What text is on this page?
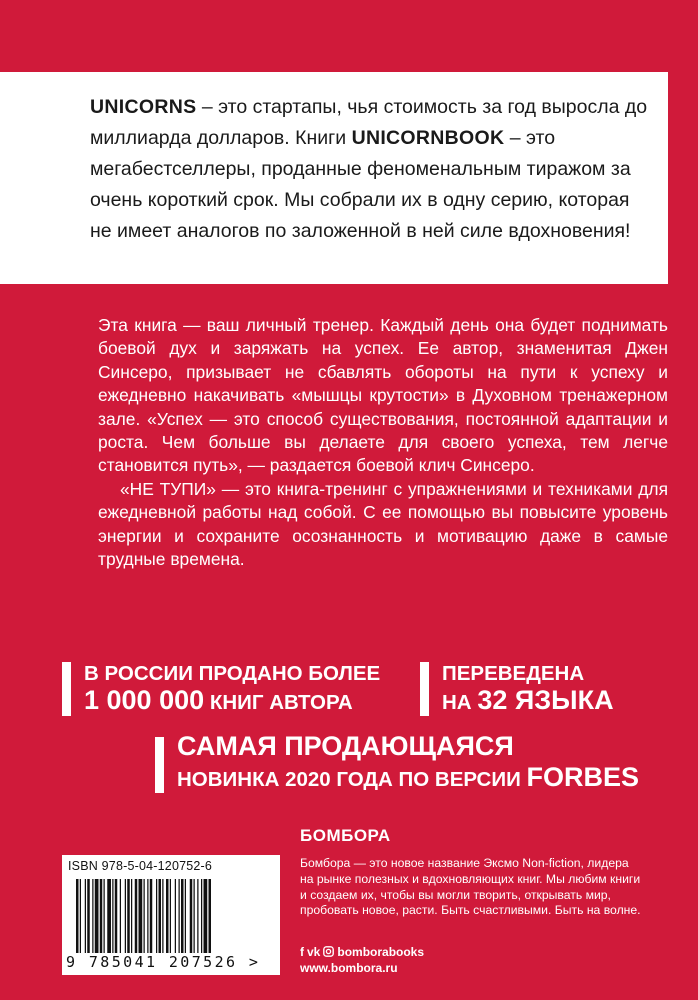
UNICORNS – это стартапы, чья стоимость за год выросла до миллиарда долларов. Книги UNICORNBOOK – это мегабестселлеры, проданные феноменальным тиражом за очень короткий срок. Мы собрали их в одну серию, которая не имеет аналогов по заложенной в ней силе вдохновения!

Эта книга — ваш личный тренер. Каждый день она будет поднимать боевой дух и заряжать на успех. Ее автор, знаменитая Джен Синсеро, призывает не сбавлять обороты на пути к успеху и ежедневно накачивать «мышцы крутости» в Духовном тренажерном зале. «Успех — это способ существования, постоянной адаптации и роста. Чем больше вы делаете для своего успеха, тем легче становится путь», — раздается боевой клич Синсеро.

«НЕ ТУПИ» — это книга-тренинг с упражнениями и техниками для ежедневной работы над собой. С ее помощью вы повысите уровень энергии и сохраните осознанность и мотивацию даже в самые трудные времена.

В РОССИИ ПРОДАНО БОЛЕЕ
1 000 000 КНИГ АВТОРА
ПЕРЕВЕДЕНА
НА 32 ЯЗЫКА
САМАЯ ПРОДАЮЩАЯСЯ
НОВИНКА 2020 ГОДА ПО ВЕРСИИ FORBES
БОМБОРА
Бомбора — это новое название Эксмо Non-fiction, лидера на рынке полезных и вдохновляющих книг. Мы любим книги и создаем их, чтобы вы могли творить, открывать мир, пробовать новое, расти. Быть счастливыми. Быть на волне.
f vk bomborabooks
www.bombora.ru
ISBN 978-5-04-120752-6
9 785041 207526 >
